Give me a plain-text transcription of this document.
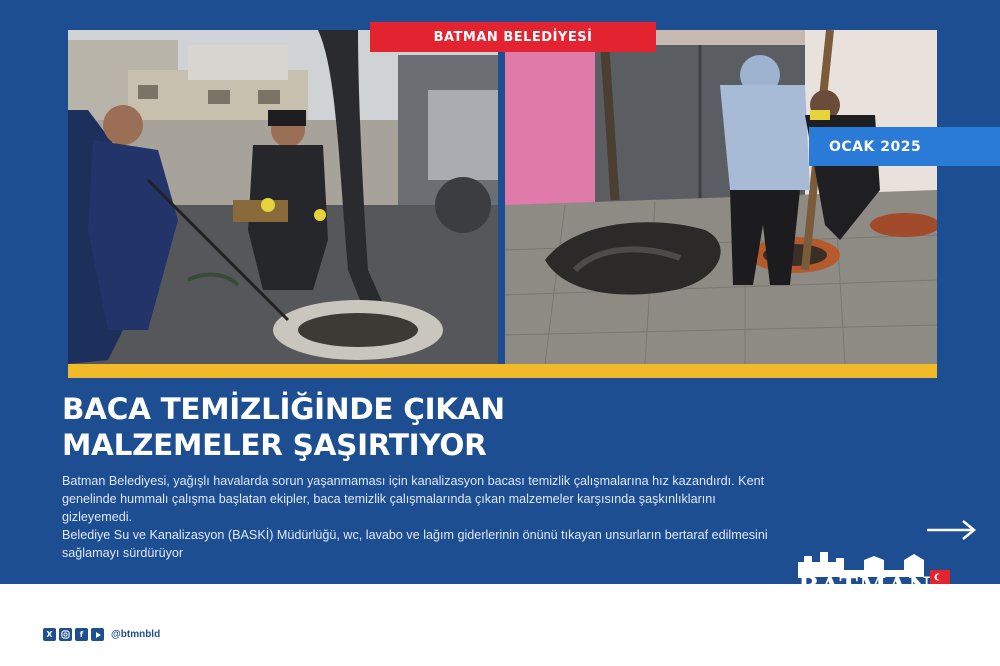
BATMAN BELEDİYESİ
OCAK 2025
BACA TEMİZLİĞİNDE ÇIKAN
MALZEMELER ŞAŞIRTIYOR

Batman Belediyesi, yağışlı havalarda sorun yaşanmaması için kanalizasyon bacası temizlik çalışmalarına hız kazandırdı. Kent genelinde hummalı çalışma başlatan ekipler, baca temizlik çalışmalarında çıkan malzemeler karşısında şaşkınlıklarını gizleyemedi.

Belediye Su ve Kanalizasyon (BASKİ) Müdürlüğü, wc, lavabo ve lağım giderlerinin önünü tıkayan unsurların bertaraf edilmesini sağlamayı sürdürüyor

BATMAN
BELEDİYESİ
X	f	@btmnbld
